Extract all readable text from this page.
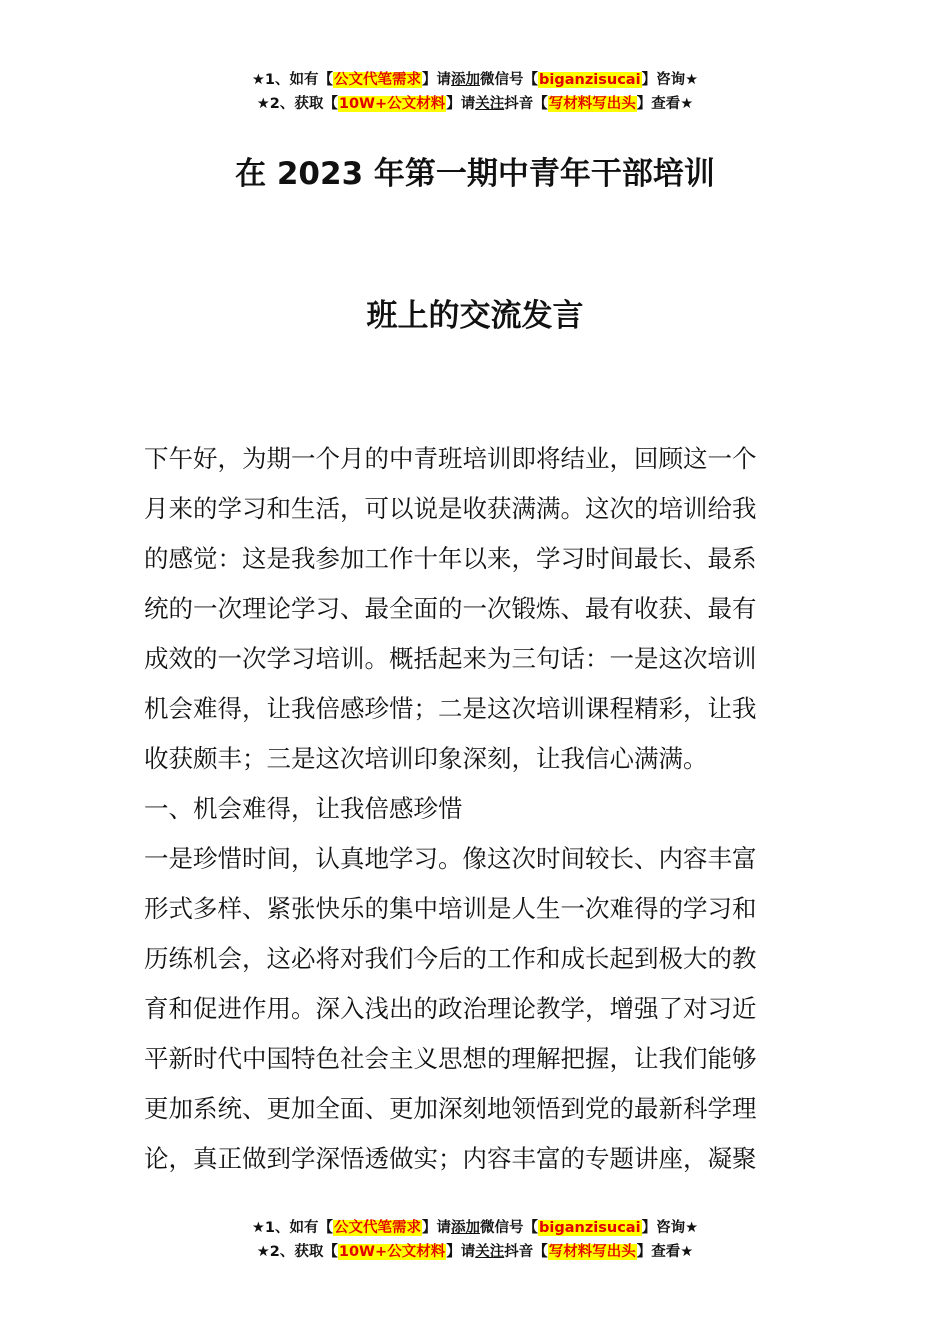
★1、如有【公文代笔需求】请添加微信号【biganzisucai】咨询★
★2、获取【10W+公文材料】请关注抖音【写材料写出头】查看★
在 2023 年第一期中青年干部培训
班上的交流发言
下午好，为期一个月的中青班培训即将结业，回顾这一个
月来的学习和生活，可以说是收获满满。这次的培训给我
的感觉：这是我参加工作十年以来，学习时间最长、最系
统的一次理论学习、最全面的一次锻炼、最有收获、最有
成效的一次学习培训。概括起来为三句话：一是这次培训
机会难得，让我倍感珍惜；二是这次培训课程精彩，让我
收获颇丰；三是这次培训印象深刻，让我信心满满。
一、机会难得，让我倍感珍惜
一是珍惜时间，认真地学习。像这次时间较长、内容丰富
形式多样、紧张快乐的集中培训是人生一次难得的学习和
历练机会，这必将对我们今后的工作和成长起到极大的教
育和促进作用。深入浅出的政治理论教学，增强了对习近
平新时代中国特色社会主义思想的理解把握，让我们能够
更加系统、更加全面、更加深刻地领悟到党的最新科学理
论，真正做到学深悟透做实；内容丰富的专题讲座，凝聚
★1、如有【公文代笔需求】请添加微信号【biganzisucai】咨询★
★2、获取【10W+公文材料】请关注抖音【写材料写出头】查看★
